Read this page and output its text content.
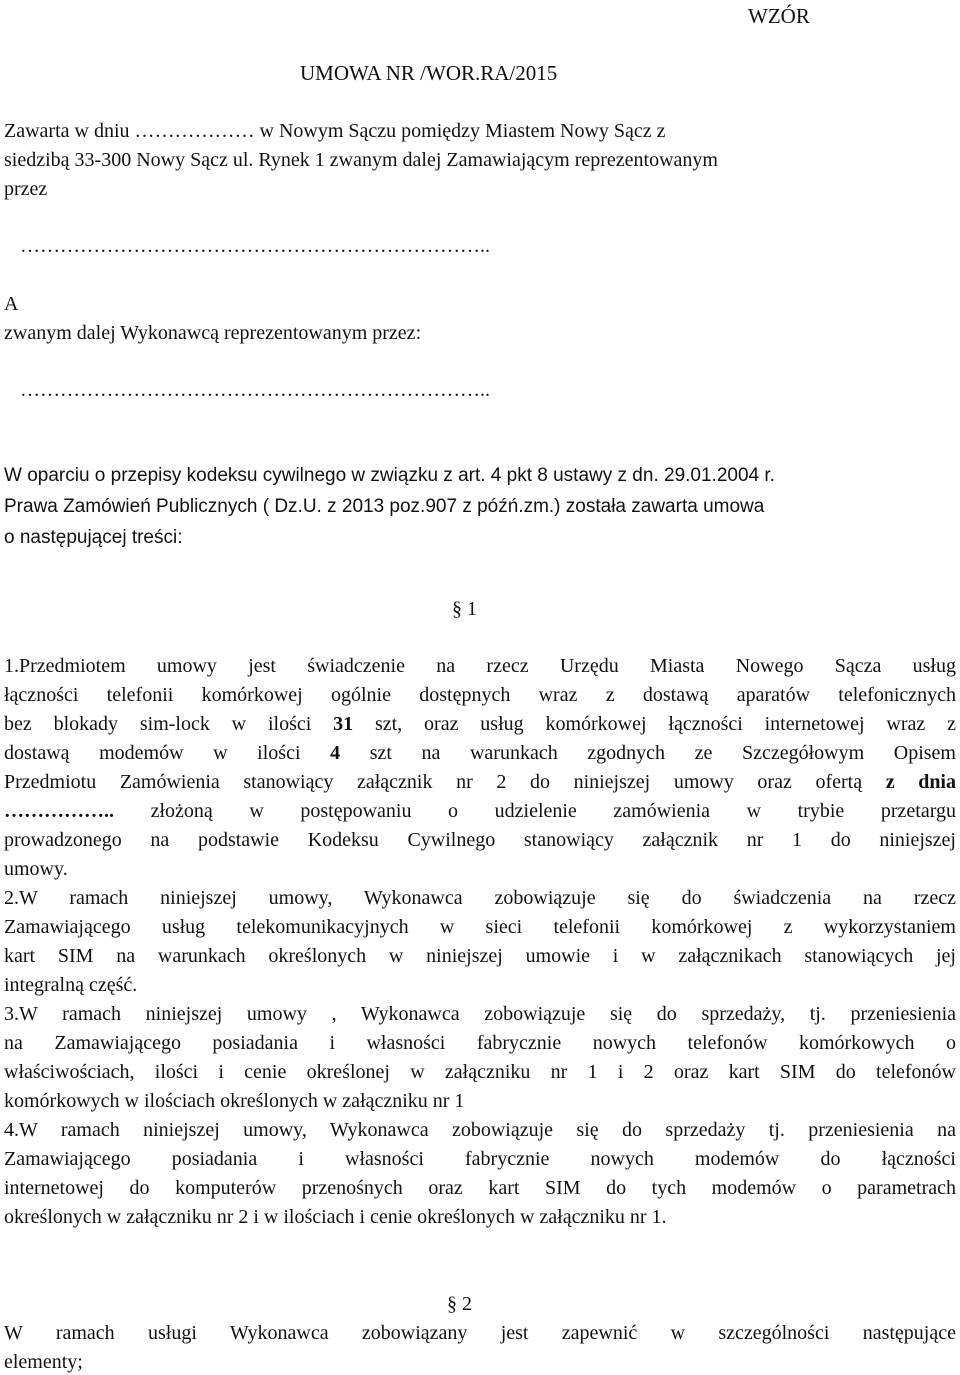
WZÓR
UMOWA NR /WOR.RA/2015
Zawarta w dniu ……………… w Nowym Sączu pomiędzy Miastem Nowy Sącz z
siedzibą 33-300 Nowy Sącz ul. Rynek 1 zwanym dalej Zamawiającym reprezentowanym
przez
……………………………………………………………..
A
zwanym dalej Wykonawcą reprezentowanym przez:
……………………………………………………………..
W oparciu o przepisy kodeksu cywilnego w związku z art. 4 pkt 8 ustawy z dn. 29.01.2004 r.
Prawa Zamówień Publicznych ( Dz.U. z 2013 poz.907 z późń.zm.) została zawarta umowa
o następującej treści:
§ 1
1.Przedmiotem umowy jest świadczenie na rzecz Urzędu Miasta Nowego Sącza usług
łączności telefonii komórkowej ogólnie dostępnych wraz z dostawą aparatów telefonicznych
bez blokady sim-lock w ilości 31 szt, oraz usług komórkowej łączności internetowej wraz z
dostawą modemów w ilości 4 szt na warunkach zgodnych ze Szczegółowym Opisem
Przedmiotu Zamówienia stanowiący załącznik nr 2 do niniejszej umowy oraz ofertą z dnia
…………….. złożoną w postępowaniu o udzielenie zamówienia w trybie przetargu
prowadzonego na podstawie Kodeksu Cywilnego stanowiący załącznik nr 1 do niniejszej
umowy.
2.W ramach niniejszej umowy, Wykonawca zobowiązuje się do świadczenia na rzecz
Zamawiającego usług telekomunikacyjnych w sieci telefonii komórkowej z wykorzystaniem
kart SIM na warunkach określonych w niniejszej umowie i w załącznikach stanowiących jej
integralną część.
3.W ramach niniejszej umowy , Wykonawca zobowiązuje się do sprzedaży, tj. przeniesienia
na Zamawiającego posiadania i własności fabrycznie nowych telefonów komórkowych o
właściwościach, ilości i cenie określonej w załączniku nr 1 i 2 oraz kart SIM do telefonów
komórkowych w ilościach określonych w załączniku nr 1
4.W ramach niniejszej umowy, Wykonawca zobowiązuje się do sprzedaży tj. przeniesienia na
Zamawiającego posiadania i własności fabrycznie nowych modemów do łączności
internetowej do komputerów przenośnych oraz kart SIM do tych modemów o parametrach
określonych w załączniku nr 2 i w ilościach i cenie określonych w załączniku nr 1.
§ 2
W ramach usługi Wykonawca zobowiązany jest zapewnić w szczególności następujące
elementy;
